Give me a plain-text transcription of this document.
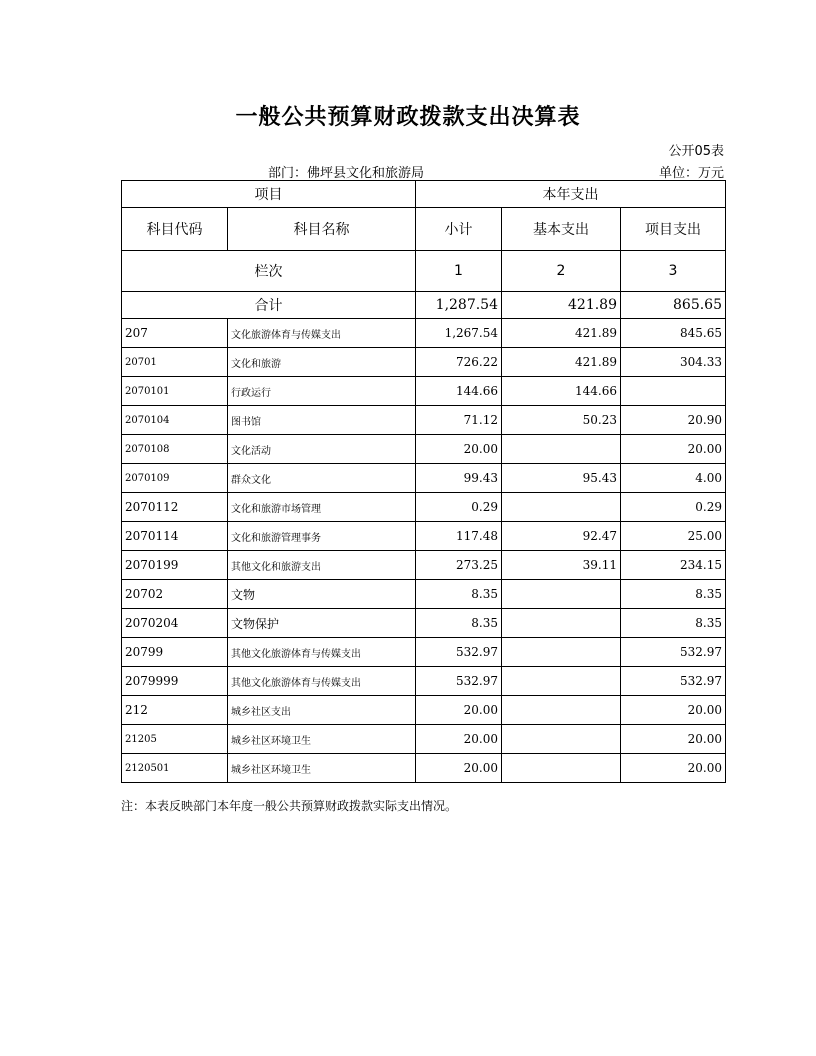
一般公共预算财政拨款支出决算表
公开05表
部门：佛坪县文化和旅游局	单位：万元
项目		本年支出		
科目代码	科目名称	小计	基本支出	项目支出
栏次		1	2	3
合计		1,287.54	421.89	865.65
207	文化旅游体育与传媒支出	1,267.54	421.89	845.65
20701	文化和旅游	726.22	421.89	304.33
2070101	行政运行	144.66	144.66	
2070104	图书馆	71.12	50.23	20.90
2070108	文化活动	20.00		20.00
2070109	群众文化	99.43	95.43	4.00
2070112	文化和旅游市场管理	0.29		0.29
2070114	文化和旅游管理事务	117.48	92.47	25.00
2070199	其他文化和旅游支出	273.25	39.11	234.15
20702	文物	8.35		8.35
2070204	文物保护	8.35		8.35
20799	其他文化旅游体育与传媒支出	532.97		532.97
2079999	其他文化旅游体育与传媒支出	532.97		532.97
212	城乡社区支出	20.00		20.00
21205	城乡社区环境卫生	20.00		20.00
2120501	城乡社区环境卫生	20.00		20.00
注：本表反映部门本年度一般公共预算财政拨款实际支出情况。
